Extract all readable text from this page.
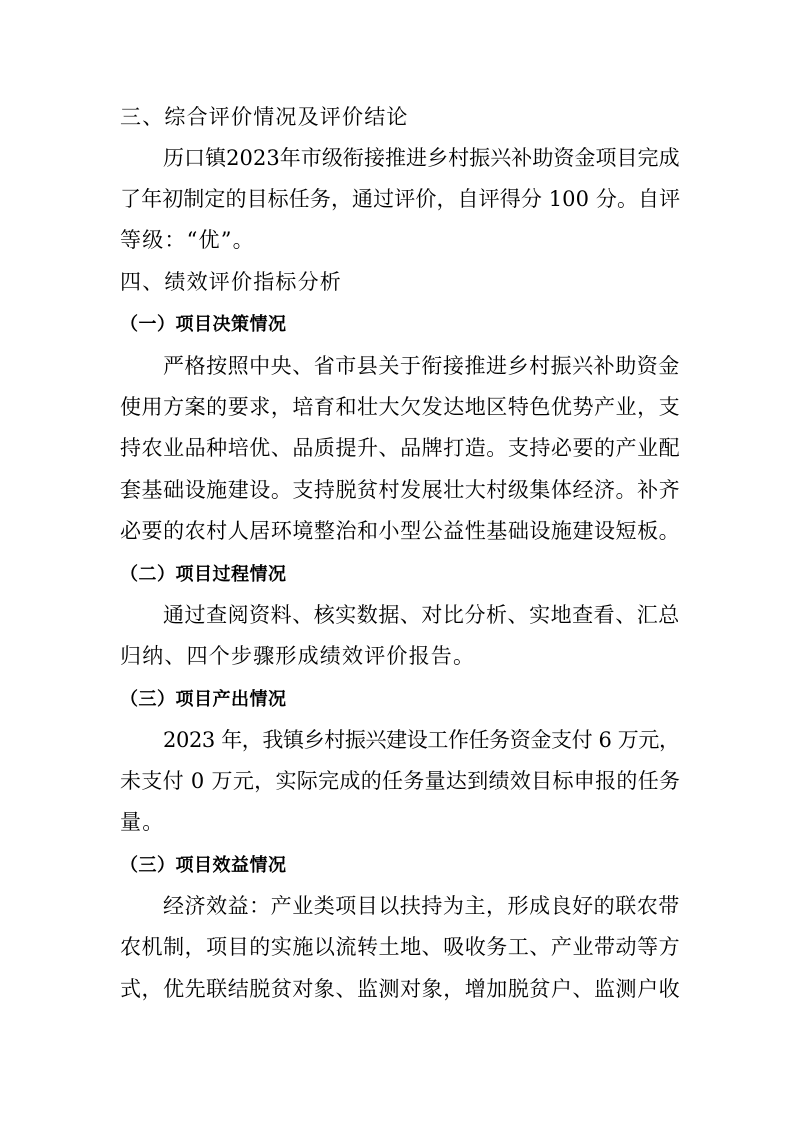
三、综合评价情况及评价结论
历口镇2023年市级衔接推进乡村振兴补助资金项目完成
了年初制定的目标任务，通过评价，自评得分 100 分。自评
等级：“优”。
四、绩效评价指标分析
（一）项目决策情况
严格按照中央、省市县关于衔接推进乡村振兴补助资金
使用方案的要求，培育和壮大欠发达地区特色优势产业，支
持农业品种培优、品质提升、品牌打造。支持必要的产业配
套基础设施建设。支持脱贫村发展壮大村级集体经济。补齐
必要的农村人居环境整治和小型公益性基础设施建设短板。
（二）项目过程情况
通过查阅资料、核实数据、对比分析、实地查看、汇总
归纳、四个步骤形成绩效评价报告。
（三）项目产出情况
2023 年，我镇乡村振兴建设工作任务资金支付 6 万元，
未支付 0 万元，实际完成的任务量达到绩效目标申报的任务
量。
（三）项目效益情况
经济效益：产业类项目以扶持为主，形成良好的联农带
农机制，项目的实施以流转土地、吸收务工、产业带动等方
式，优先联结脱贫对象、监测对象，增加脱贫户、监测户收
